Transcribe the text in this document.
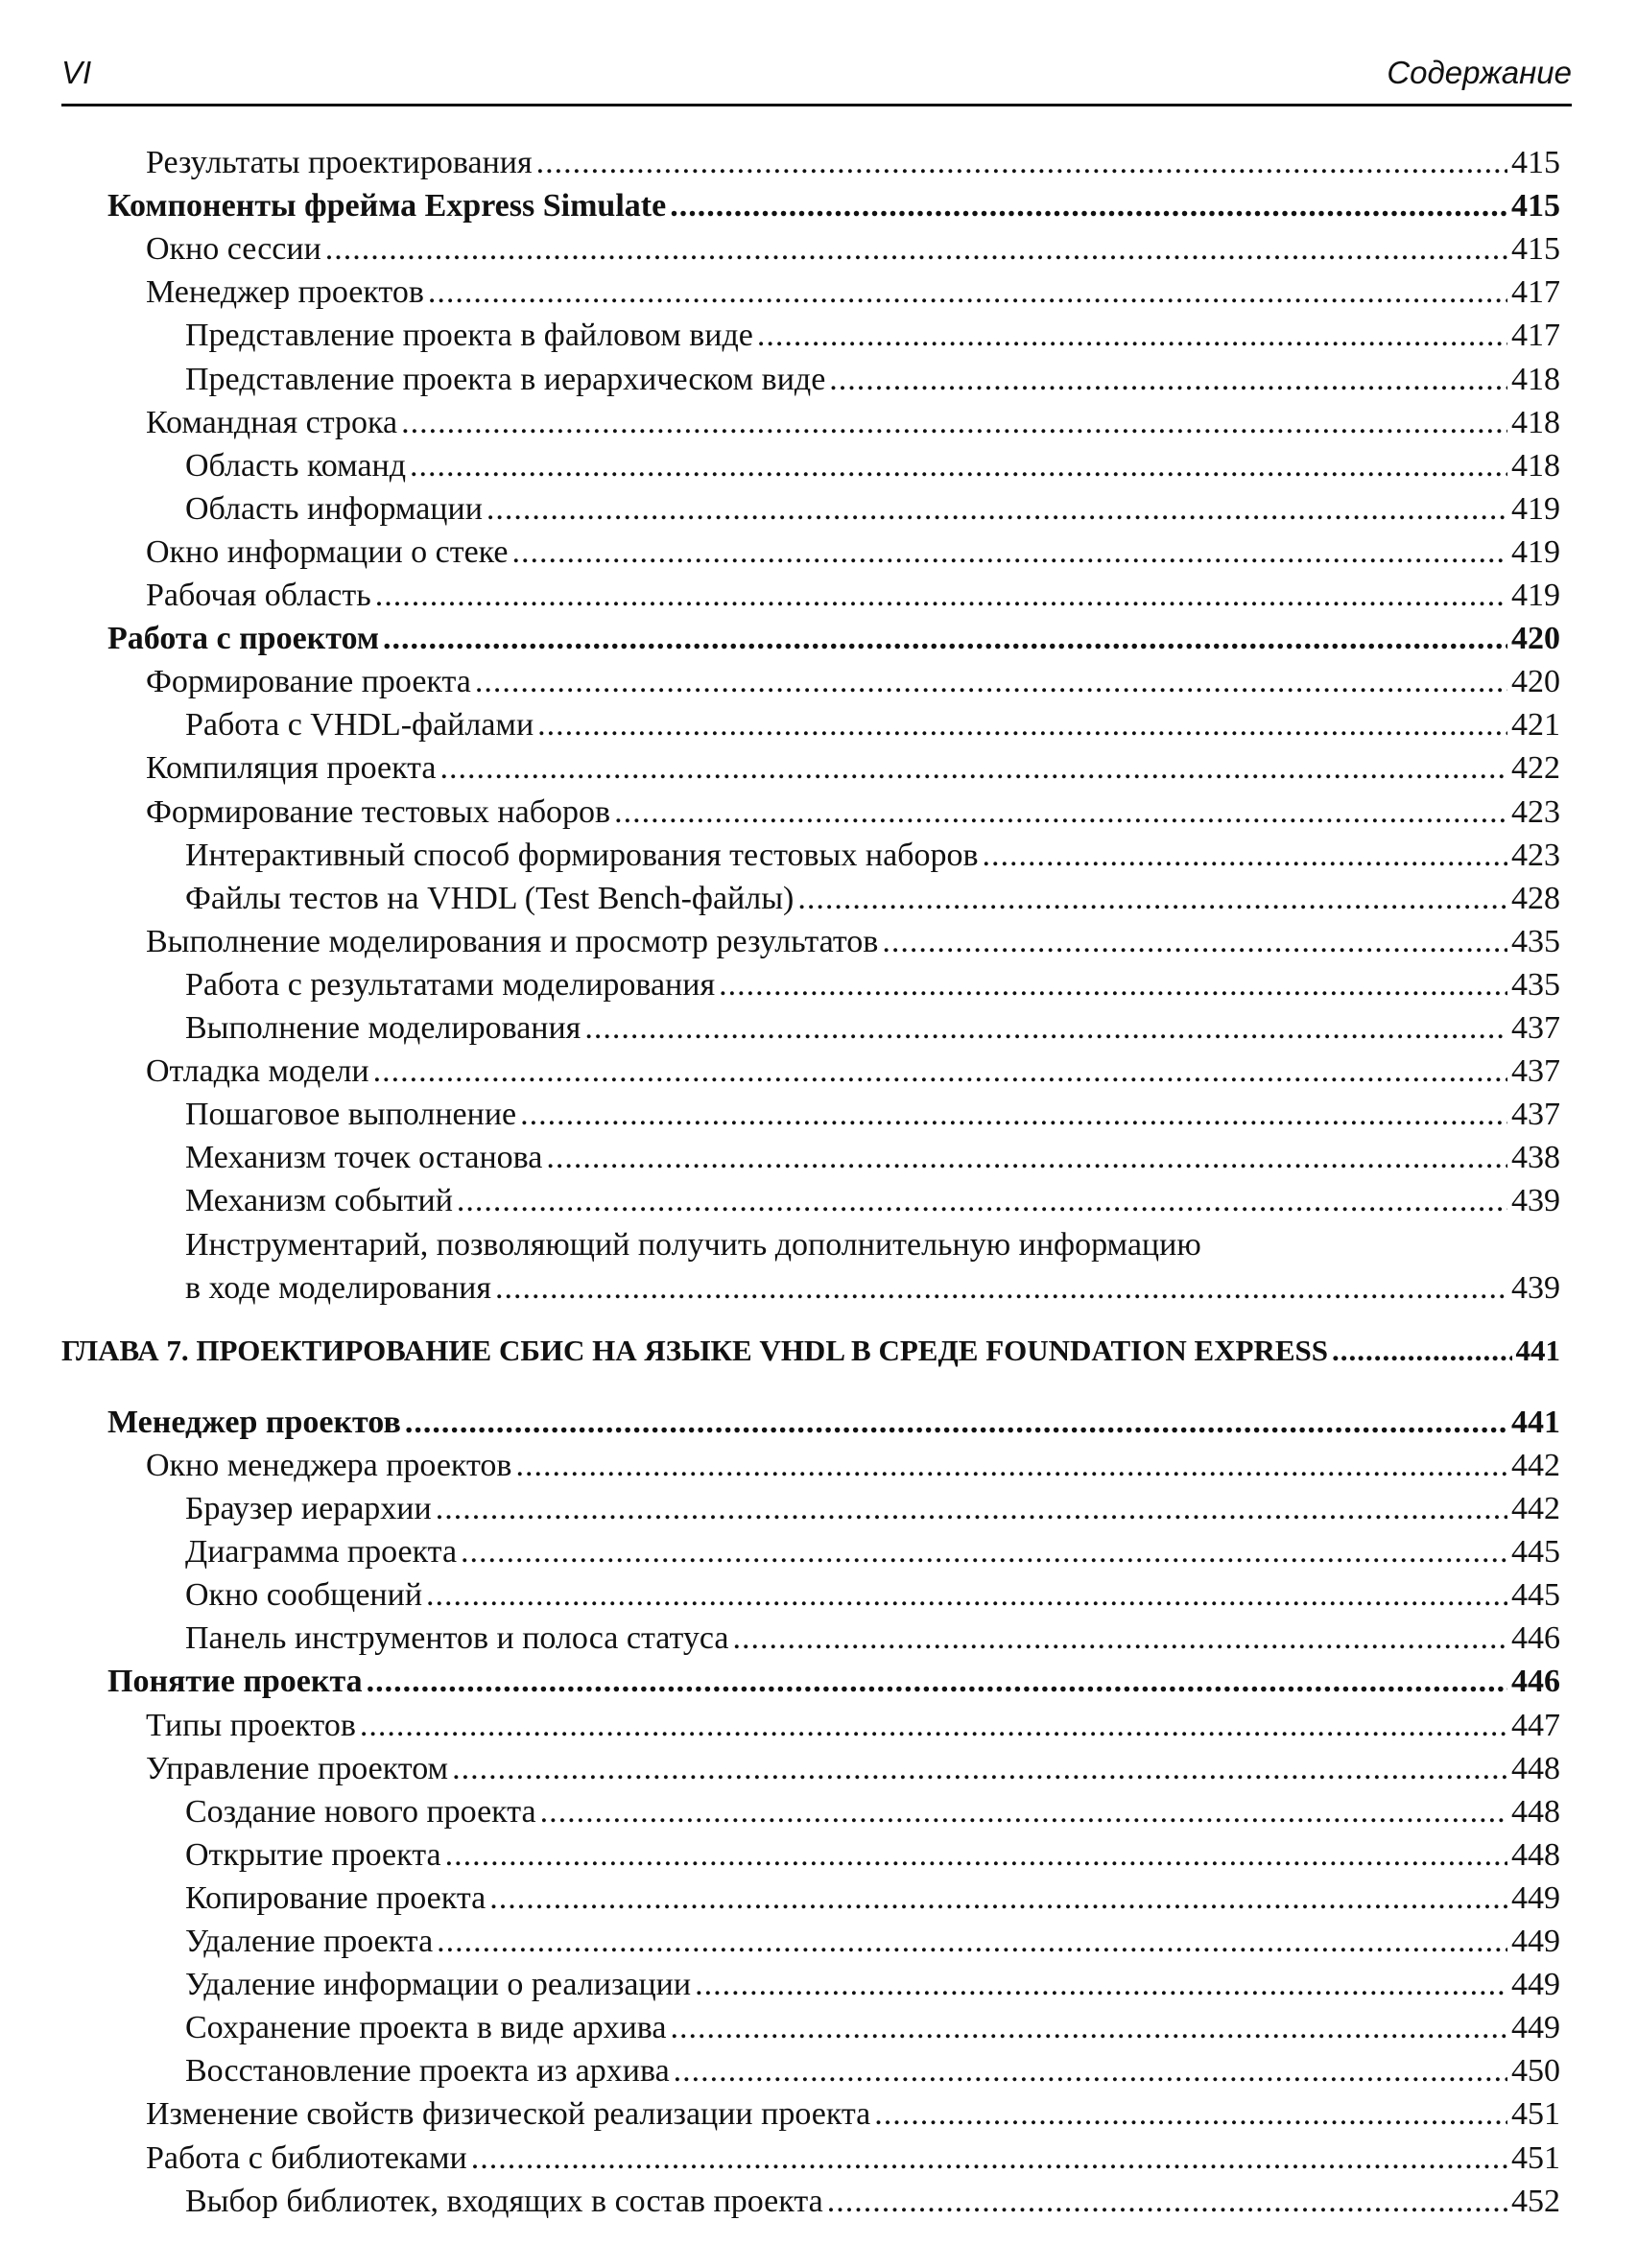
VI	Содержание
Результаты проектирования .....	415
Компоненты фрейма Express Simulate .....	415
Окно сессии .....	415
Менеджер проектов .....	417
Представление проекта в файловом виде .....	417
Представление проекта в иерархическом виде .....	418
Командная строка .....	418
Область команд .....	418
Область информации .....	419
Окно информации о стеке .....	419
Рабочая область .....	419
Работа с проектом .....	420
Формирование проекта .....	420
Работа с VHDL-файлами .....	421
Компиляция проекта .....	422
Формирование тестовых наборов .....	423
Интерактивный способ формирования тестовых наборов .....	423
Файлы тестов на VHDL (Test Bench-файлы) .....	428
Выполнение моделирования и просмотр результатов .....	435
Работа с результатами моделирования .....	435
Выполнение моделирования .....	437
Отладка модели .....	437
Пошаговое выполнение .....	437
Механизм точек останова .....	438
Механизм событий .....	439
Инструментарий, позволяющий получить дополнительную информацию
в ходе моделирования .....	439
ГЛАВА 7. ПРОЕКТИРОВАНИЕ СБИС НА ЯЗЫКЕ VHDL В СРЕДЕ FOUNDATION EXPRESS .....	441
Менеджер проектов .....	441
Окно менеджера проектов .....	442
Браузер иерархии .....	442
Диаграмма проекта .....	445
Окно сообщений .....	445
Панель инструментов и полоса статуса .....	446
Понятие проекта .....	446
Типы проектов .....	447
Управление проектом .....	448
Создание нового проекта .....	448
Открытие проекта .....	448
Копирование проекта .....	449
Удаление проекта .....	449
Удаление информации о реализации .....	449
Сохранение проекта в виде архива .....	449
Восстановление проекта из архива .....	450
Изменение свойств физической реализации проекта .....	451
Работа с библиотеками .....	451
Выбор библиотек, входящих в состав проекта .....	452
